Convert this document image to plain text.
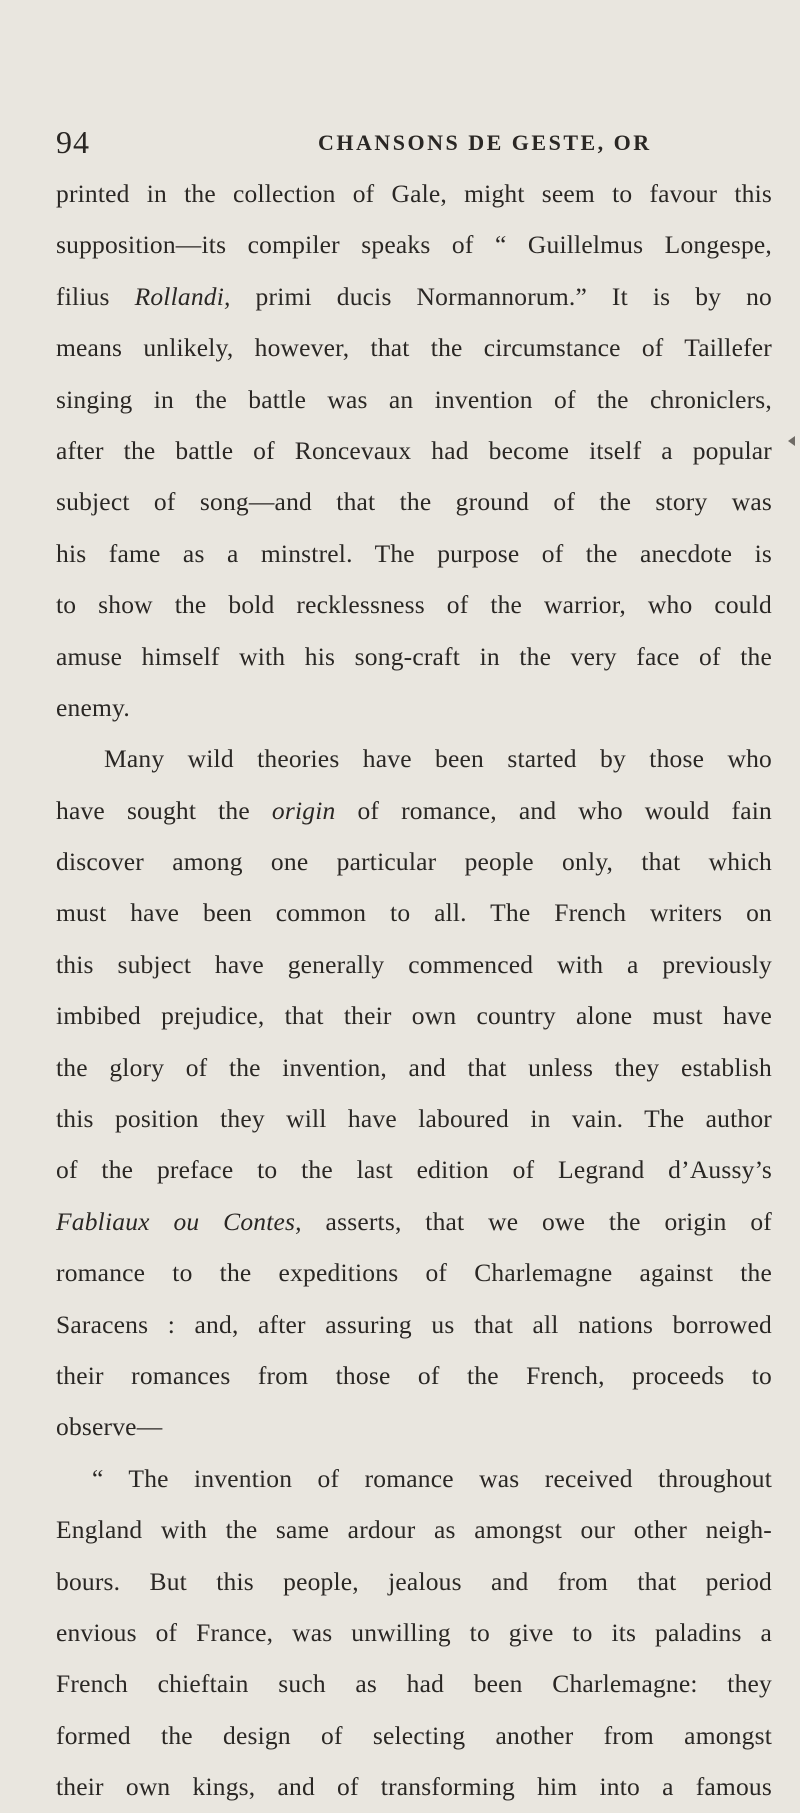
94	CHANSONS DE GESTE, OR
printed in the collection of Gale, might seem to favour this
supposition—its compiler speaks of “ Guillelmus Longespe,
filius Rollandi, primi ducis Normannorum.” It is by no
means unlikely, however, that the circumstance of Taillefer
singing in the battle was an invention of the chroniclers,
after the battle of Roncevaux had become itself a popular
subject of song—and that the ground of the story was
his fame as a minstrel. The purpose of the anecdote is
to show the bold recklessness of the warrior, who could
amuse himself with his song-craft in the very face of the
enemy.
Many wild theories have been started by those who
have sought the origin of romance, and who would fain
discover among one particular people only, that which
must have been common to all. The French writers on
this subject have generally commenced with a previously
imbibed prejudice, that their own country alone must have
the glory of the invention, and that unless they establish
this position they will have laboured in vain. The author
of the preface to the last edition of Legrand d’Aussy’s
Fabliaux ou Contes, asserts, that we owe the origin of
romance to the expeditions of Charlemagne against the
Saracens : and, after assuring us that all nations borrowed
their romances from those of the French, proceeds to
observe—
“ The invention of romance was received throughout
England with the same ardour as amongst our other neigh-
bours. But this people, jealous and from that period
envious of France, was unwilling to give to its paladins a
French chieftain such as had been Charlemagne: they
formed the design of selecting another from amongst
their own kings, and of transforming him into a famous
